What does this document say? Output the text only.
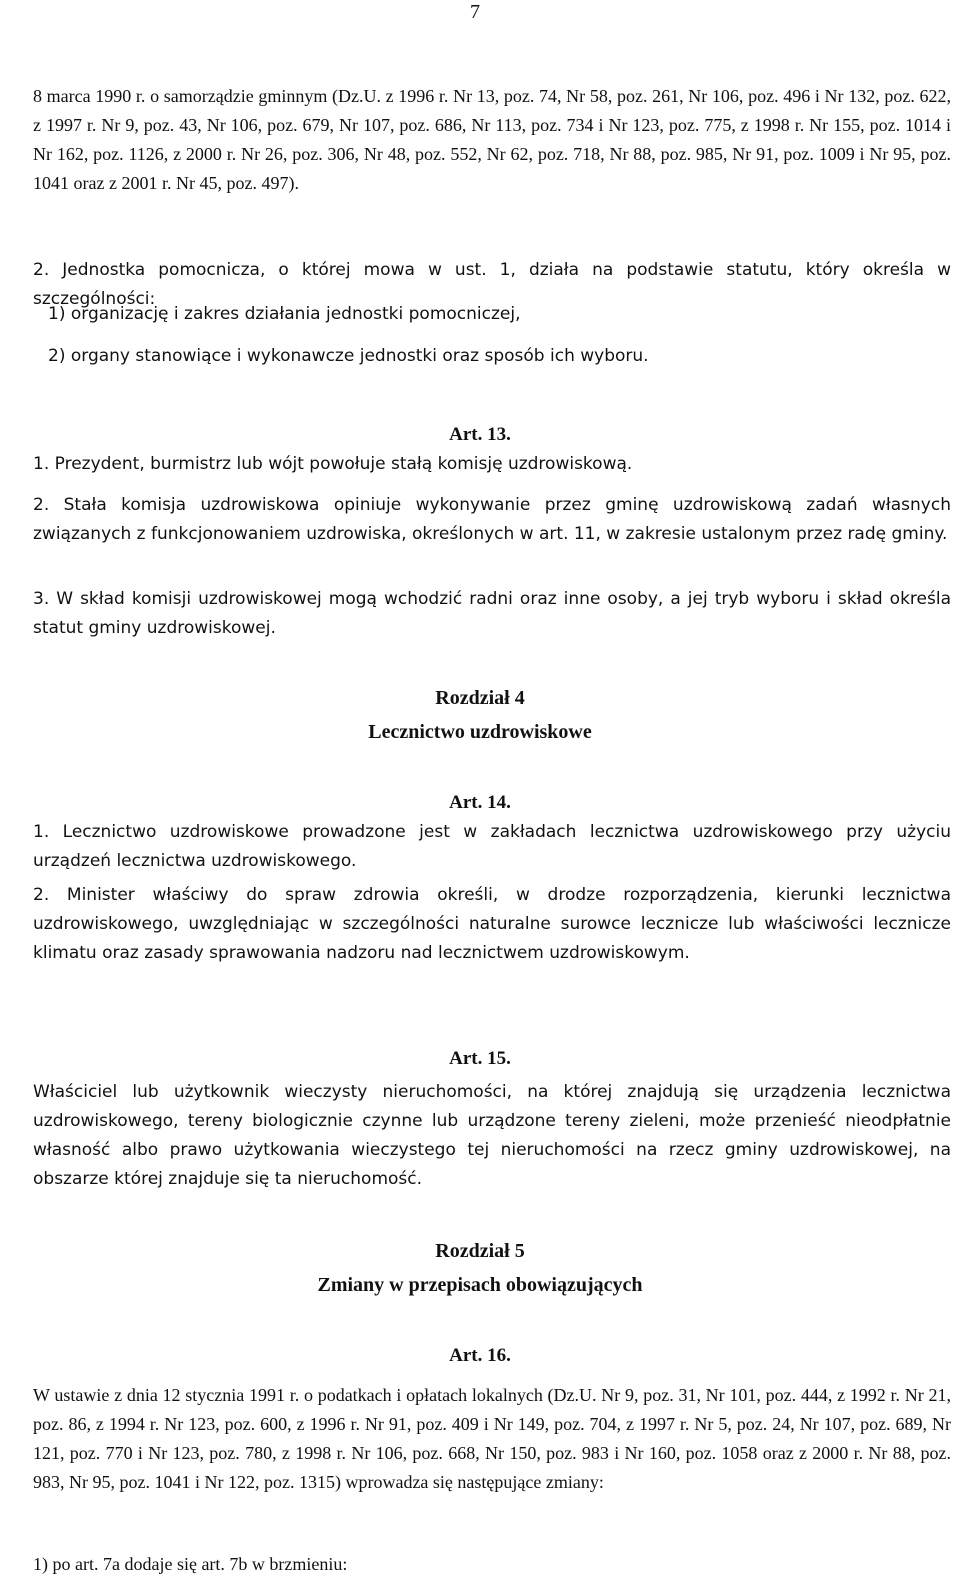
7
8 marca 1990 r. o samorządzie gminnym (Dz.U. z 1996 r. Nr 13, poz. 74, Nr 58, poz. 261, Nr 106, poz. 496 i Nr 132, poz. 622, z 1997 r. Nr 9, poz. 43, Nr 106, poz. 679, Nr 107, poz. 686, Nr 113, poz. 734 i Nr 123, poz. 775, z 1998 r. Nr 155, poz. 1014 i Nr 162, poz. 1126, z 2000 r. Nr 26, poz. 306, Nr 48, poz. 552, Nr 62, poz. 718, Nr 88, poz. 985, Nr 91, poz. 1009 i Nr 95, poz. 1041 oraz z 2001 r. Nr 45, poz. 497).
2. Jednostka pomocnicza, o której mowa w ust. 1, działa na podstawie statutu, który określa w szczególności:
1) organizację i zakres działania jednostki pomocniczej,
2) organy stanowiące i wykonawcze jednostki oraz sposób ich wyboru.
Art. 13.
1. Prezydent, burmistrz lub wójt powołuje stałą komisję uzdrowiskową.
2. Stała komisja uzdrowiskowa opiniuje wykonywanie przez gminę uzdrowiskową zadań własnych związanych z funkcjonowaniem uzdrowiska, określonych w art. 11, w zakresie ustalonym przez radę gminy.
3. W skład komisji uzdrowiskowej mogą wchodzić radni oraz inne osoby, a jej tryb wyboru i skład określa statut gminy uzdrowiskowej.
Rozdział 4
Lecznictwo uzdrowiskowe
Art. 14.
1. Lecznictwo uzdrowiskowe prowadzone jest w zakładach lecznictwa uzdrowiskowego przy użyciu urządzeń lecznictwa uzdrowiskowego.
2. Minister właściwy do spraw zdrowia określi, w drodze rozporządzenia, kierunki lecznictwa uzdrowiskowego, uwzględniając w szczególności naturalne surowce lecznicze lub właściwości lecznicze klimatu oraz zasady sprawowania nadzoru nad lecznictwem uzdrowiskowym.
Art. 15.
Właściciel lub użytkownik wieczysty nieruchomości, na której znajdują się urządzenia lecznictwa uzdrowiskowego, tereny biologicznie czynne lub urządzone tereny zieleni, może przenieść nieodpłatnie własność albo prawo użytkowania wieczystego tej nieruchomości na rzecz gminy uzdrowiskowej, na obszarze której znajduje się ta nieruchomość.
Rozdział 5
Zmiany w przepisach obowiązujących
Art. 16.
W ustawie z dnia 12 stycznia 1991 r. o podatkach i opłatach lokalnych (Dz.U. Nr 9, poz. 31, Nr 101, poz. 444, z 1992 r. Nr 21, poz. 86, z 1994 r. Nr 123, poz. 600, z 1996 r. Nr 91, poz. 409 i Nr 149, poz. 704, z 1997 r. Nr 5, poz. 24, Nr 107, poz. 689, Nr 121, poz. 770 i Nr 123, poz. 780, z 1998 r. Nr 106, poz. 668, Nr 150, poz. 983 i Nr 160, poz. 1058 oraz z 2000 r. Nr 88, poz. 983, Nr 95, poz. 1041 i Nr 122, poz. 1315) wprowadza się następujące zmiany:
1) po art. 7a dodaje się art. 7b w brzmieniu:
